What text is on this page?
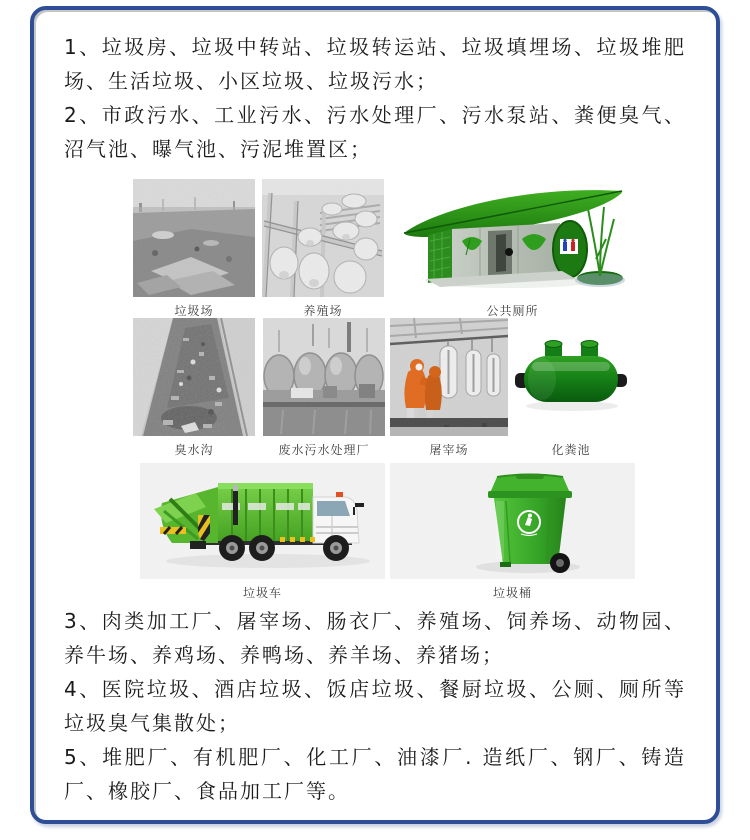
1、垃圾房、垃圾中转站、垃圾转运站、垃圾填埋场、垃圾堆肥场、生活垃圾、小区垃圾、垃圾污水；

2、市政污水、工业污水、污水处理厂、污水泵站、粪便臭气、沼气池、曝气池、污泥堆置区；

垃圾场	养殖场	公共厕所
臭水沟	废水污水处理厂	屠宰场	化粪池
垃圾车	垃圾桶

3、肉类加工厂、屠宰场、肠衣厂、养殖场、饲养场、动物园、养牛场、养鸡场、养鸭场、养羊场、养猪场；

4、医院垃圾、酒店垃圾、饭店垃圾、餐厨垃圾、公厕、厕所等垃圾臭气集散处；

5、堆肥厂、有机肥厂、化工厂、油漆厂. 造纸厂、钢厂、铸造厂、橡胶厂、食品加工厂等。
